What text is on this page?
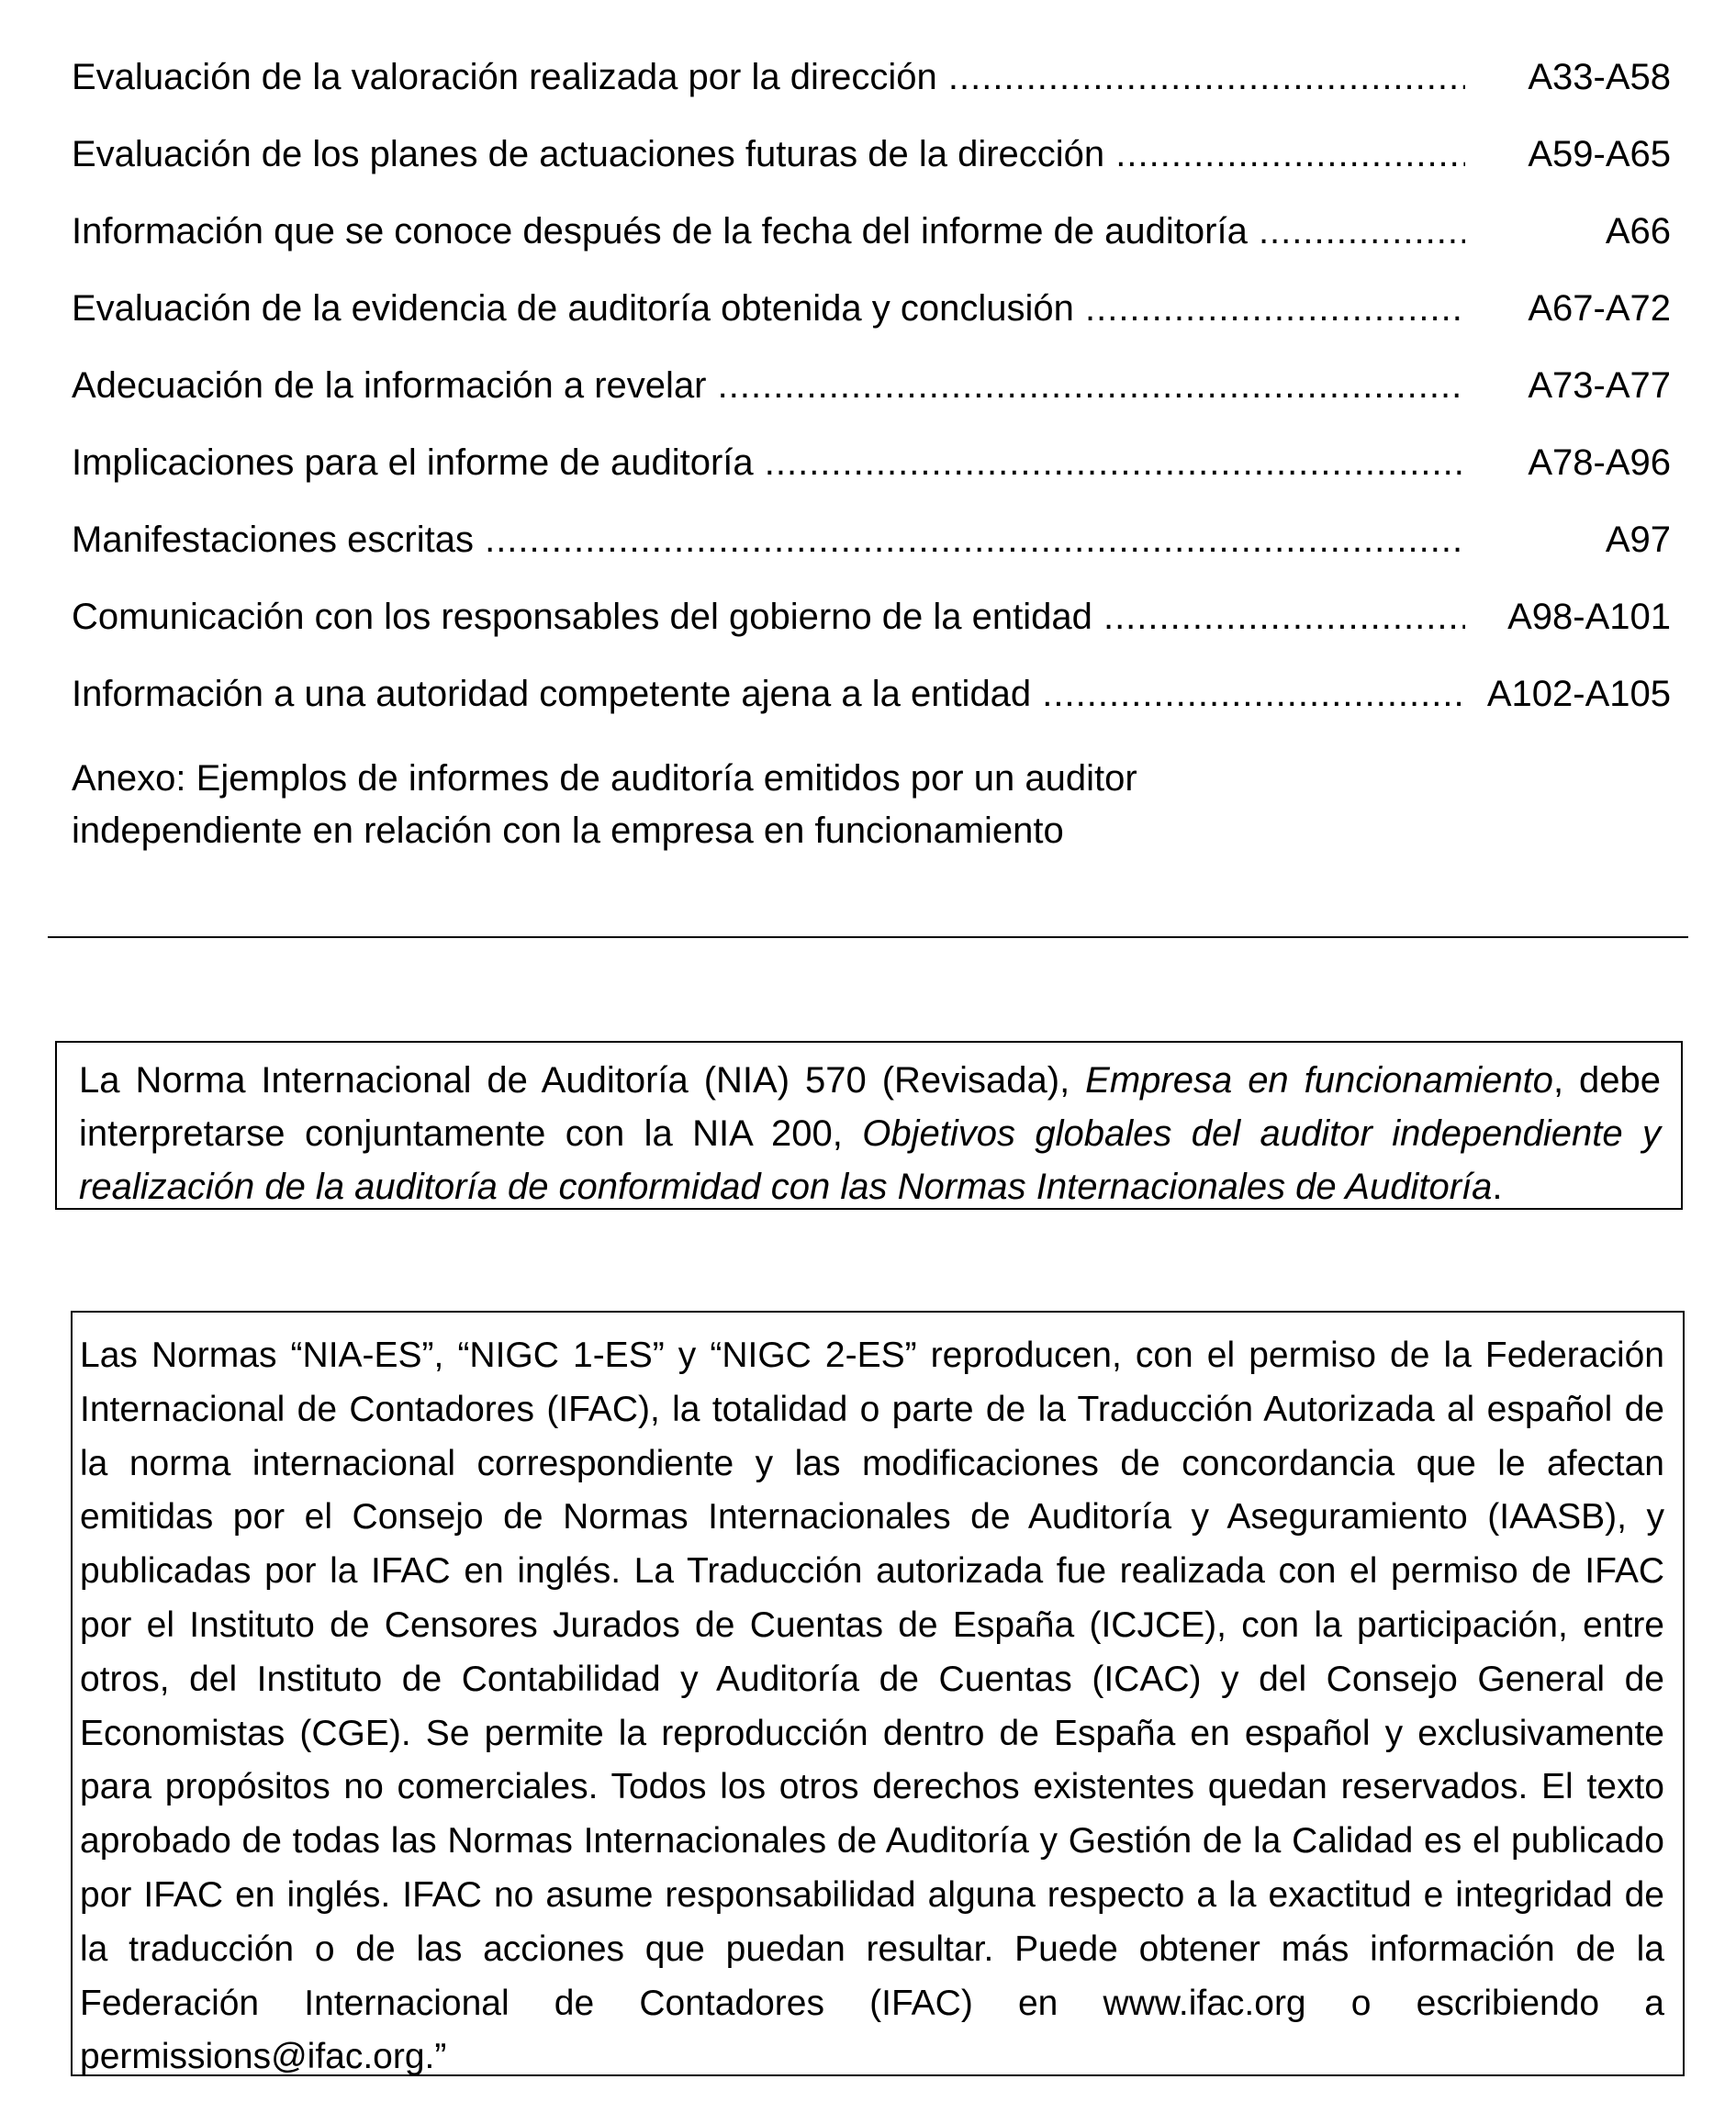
Evaluación de la valoración realizada por la dirección .....	A33-A58
Evaluación de los planes de actuaciones futuras de la dirección .....	A59-A65
Información que se conoce después de la fecha del informe de auditoría .....	A66
Evaluación de la evidencia de auditoría obtenida y conclusión .....	A67-A72
Adecuación de la información a revelar .....	A73-A77
Implicaciones para el informe de auditoría .....	A78-A96
Manifestaciones escritas .....	A97
Comunicación con los responsables del gobierno de la entidad .....	A98-A101
Información a una autoridad competente ajena a la entidad .....	A102-A105
Anexo: Ejemplos de informes de auditoría emitidos por un auditor
independiente en relación con la empresa en funcionamiento
La Norma Internacional de Auditoría (NIA) 570 (Revisada), Empresa en funcionamiento, debe interpretarse conjuntamente con la NIA 200, Objetivos globales del auditor independiente y realización de la auditoría de conformidad con las Normas Internacionales de Auditoría.
Las Normas “NIA-ES”, “NIGC 1-ES” y “NIGC 2-ES” reproducen, con el permiso de la Federación Internacional de Contadores (IFAC), la totalidad o parte de la Traducción Autorizada al español de la norma internacional correspondiente y las modificaciones de concordancia que le afectan emitidas por el Consejo de Normas Internacionales de Auditoría y Aseguramiento (IAASB), y publicadas por la IFAC en inglés. La Traducción autorizada fue realizada con el permiso de IFAC por el Instituto de Censores Jurados de Cuentas de España (ICJCE), con la participación, entre otros, del Instituto de Contabilidad y Auditoría de Cuentas (ICAC) y del Consejo General de Economistas (CGE). Se permite la reproducción dentro de España en español y exclusivamente para propósitos no comerciales. Todos los otros derechos existentes quedan reservados. El texto aprobado de todas las Normas Internacionales de Auditoría y Gestión de la Calidad es el publicado por IFAC en inglés. IFAC no asume responsabilidad alguna respecto a la exactitud e integridad de la traducción o de las acciones que puedan resultar. Puede obtener más información de la Federación Internacional de Contadores (IFAC) en www.ifac.org o escribiendo a permissions@ifac.org.”
